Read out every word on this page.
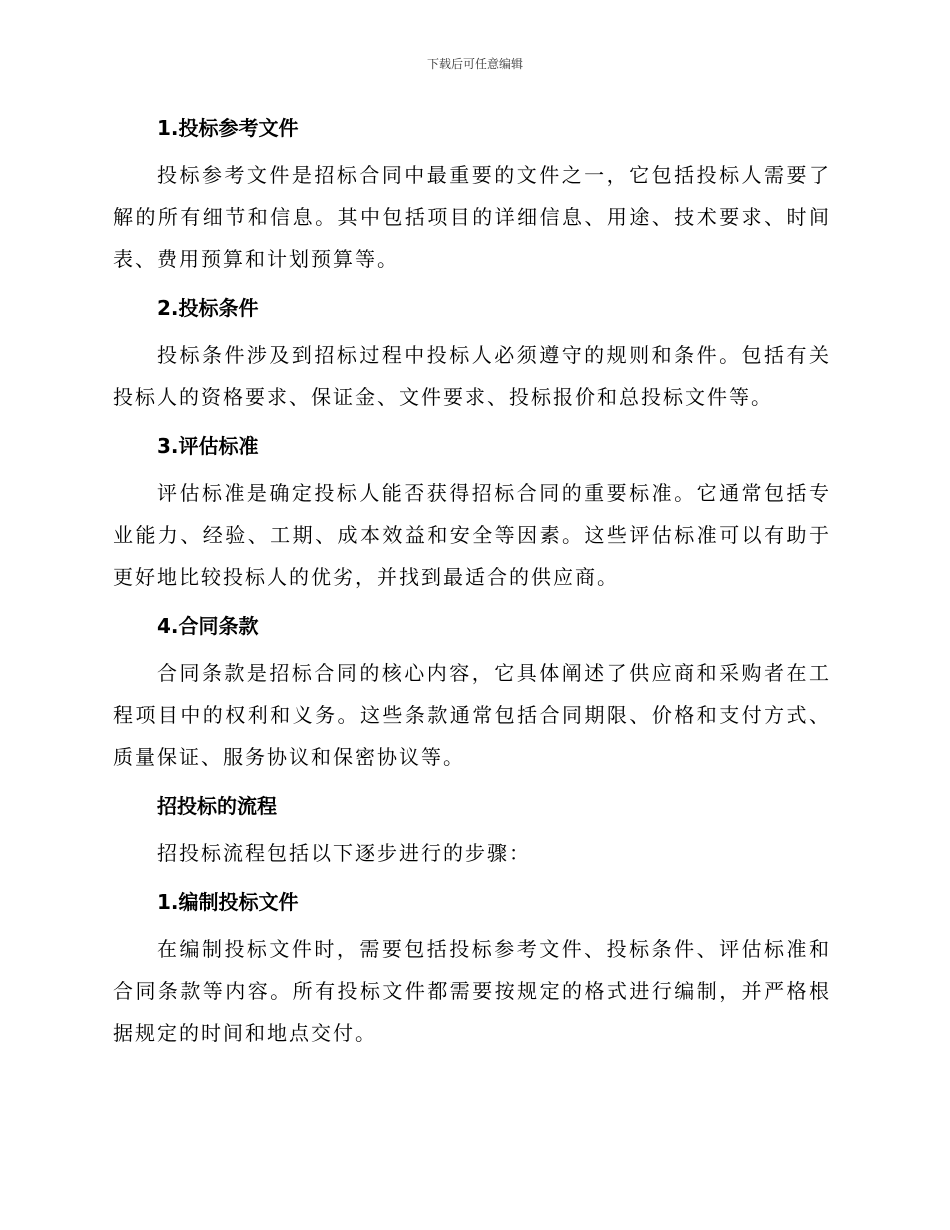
下载后可任意编辑
1.投标参考文件
投标参考文件是招标合同中最重要的文件之一，它包括投标人需要了解的所有细节和信息。其中包括项目的详细信息、用途、技术要求、时间表、费用预算和计划预算等。
2.投标条件
投标条件涉及到招标过程中投标人必须遵守的规则和条件。包括有关投标人的资格要求、保证金、文件要求、投标报价和总投标文件等。
3.评估标准
评估标准是确定投标人能否获得招标合同的重要标准。它通常包括专业能力、经验、工期、成本效益和安全等因素。这些评估标准可以有助于更好地比较投标人的优劣，并找到最适合的供应商。
4.合同条款
合同条款是招标合同的核心内容，它具体阐述了供应商和采购者在工程项目中的权利和义务。这些条款通常包括合同期限、价格和支付方式、质量保证、服务协议和保密协议等。
招投标的流程
招投标流程包括以下逐步进行的步骤：
1.编制投标文件
在编制投标文件时，需要包括投标参考文件、投标条件、评估标准和合同条款等内容。所有投标文件都需要按规定的格式进行编制，并严格根据规定的时间和地点交付。
